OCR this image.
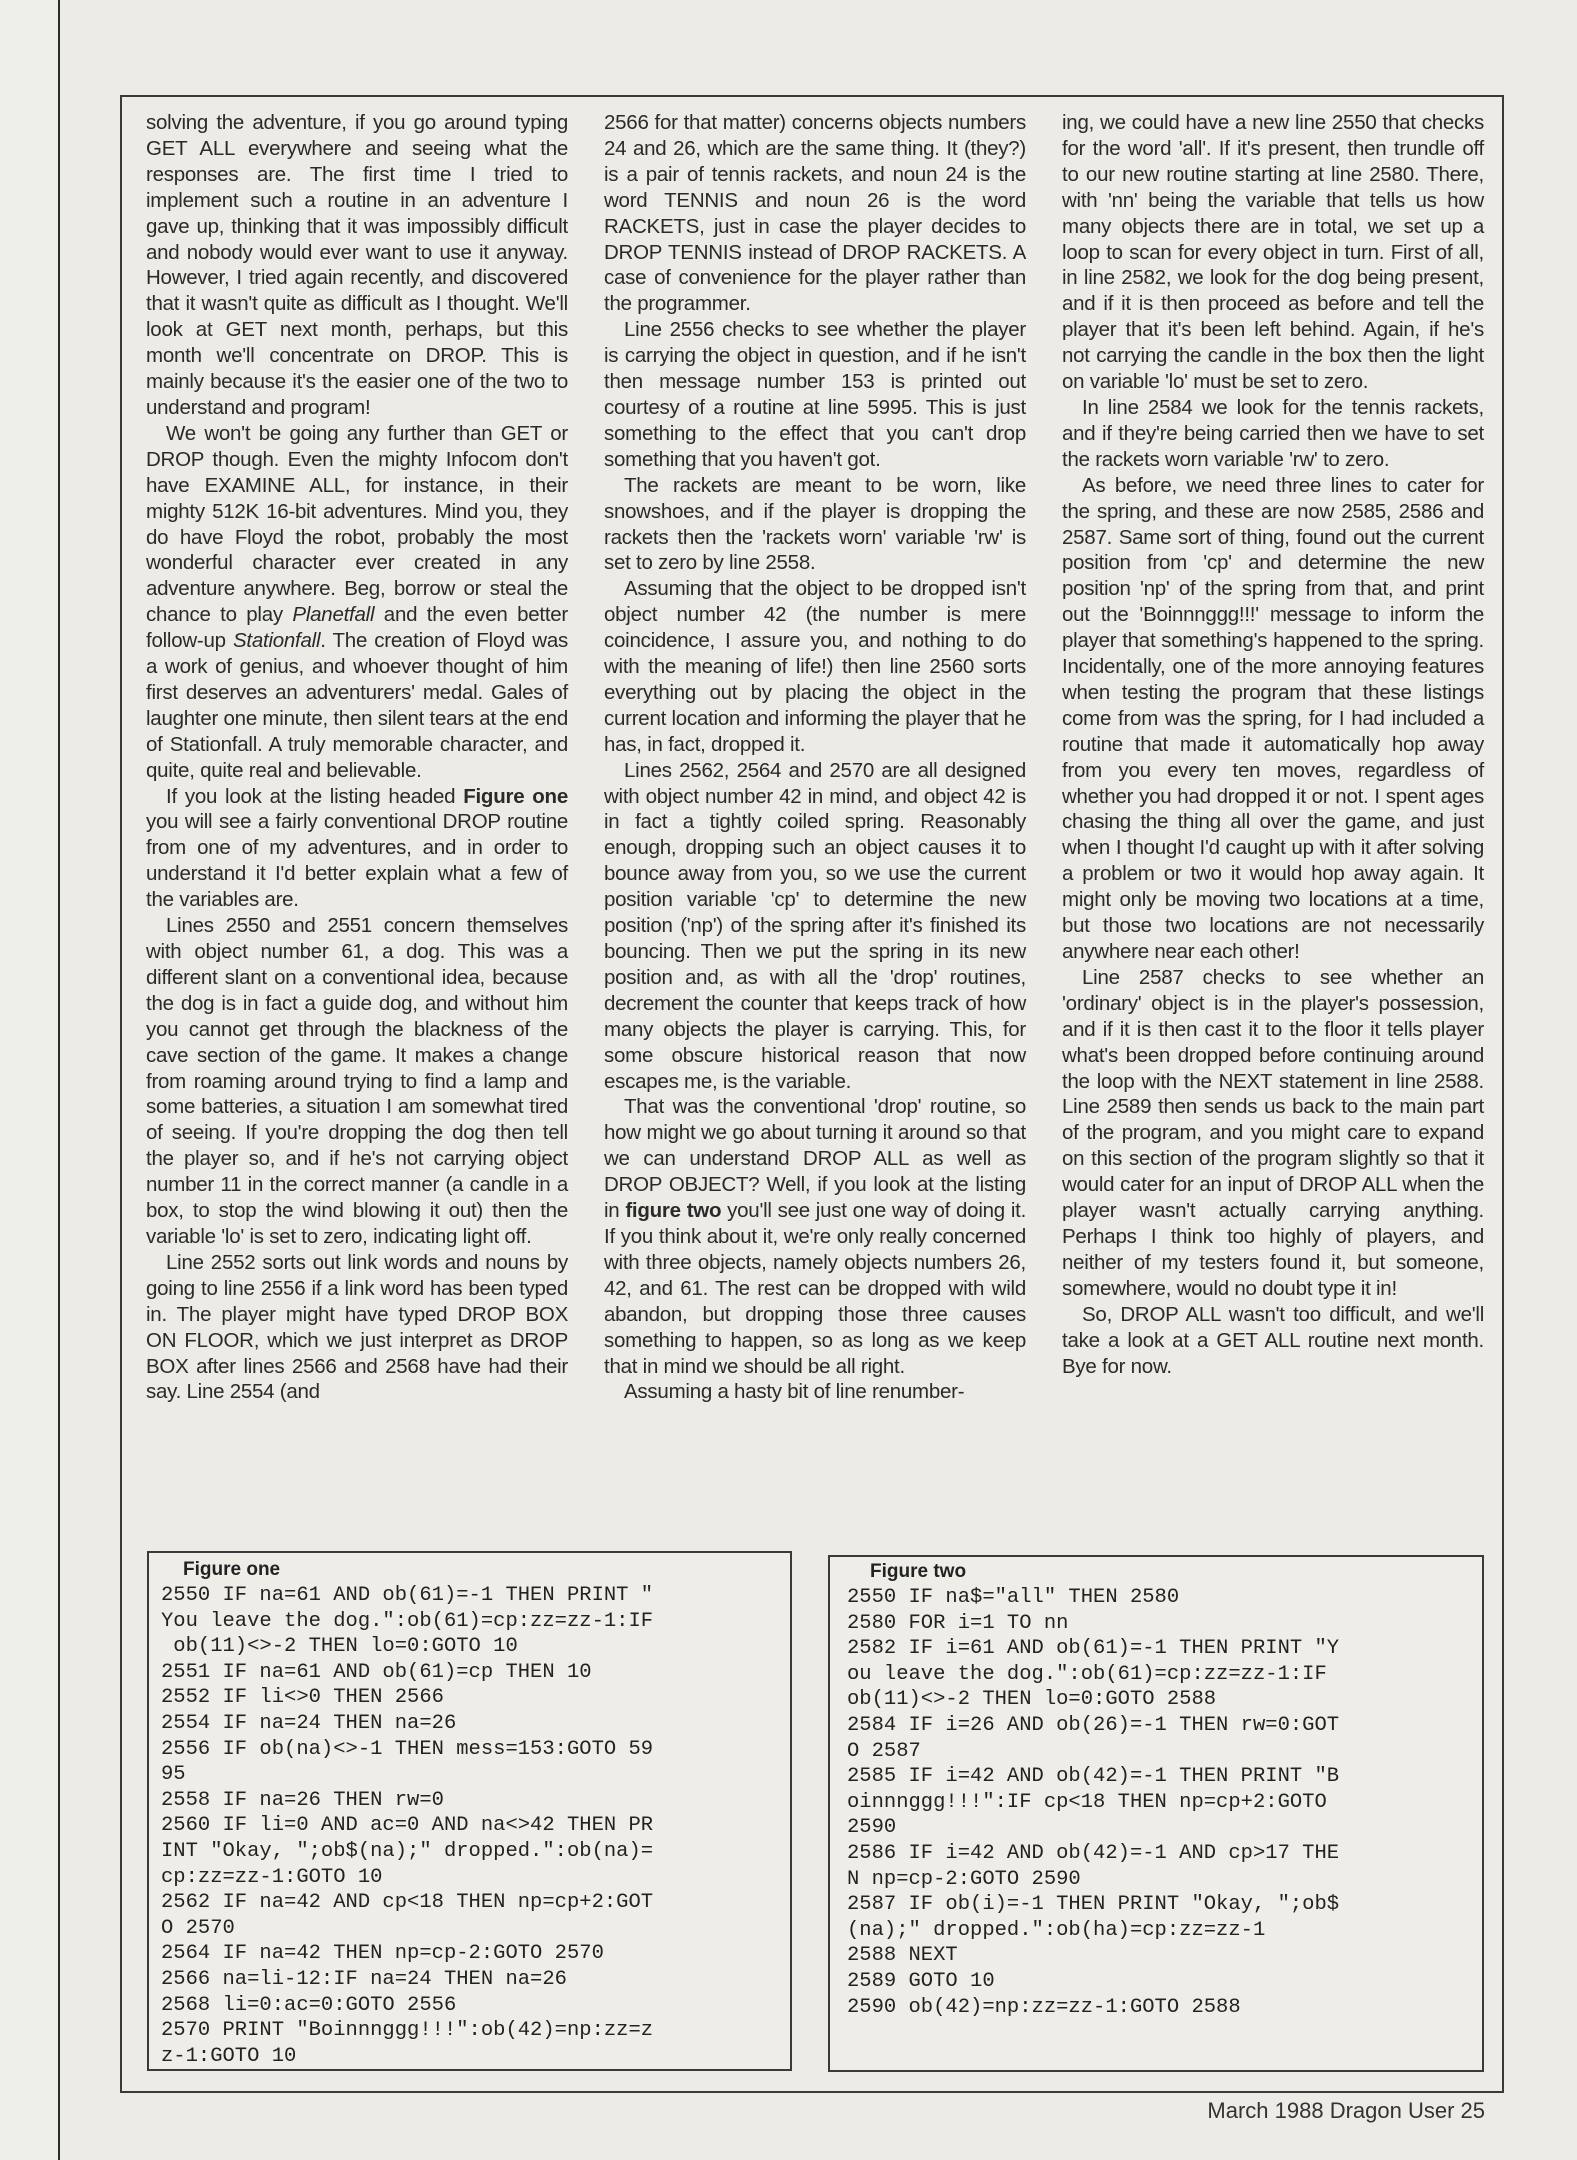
solving the adventure, if you go around typing GET ALL everywhere and seeing what the responses are. The first time I tried to implement such a routine in an adventure I gave up, thinking that it was impossibly difficult and nobody would ever want to use it anyway. However, I tried again recently, and discovered that it wasn't quite as difficult as I thought. We'll look at GET next month, perhaps, but this month we'll concentrate on DROP. This is mainly because it's the easier one of the two to understand and program!

We won't be going any further than GET or DROP though. Even the mighty Infocom don't have EXAMINE ALL, for instance, in their mighty 512K 16-bit adventures. Mind you, they do have Floyd the robot, probably the most wonderful character ever created in any adventure anywhere. Beg, borrow or steal the chance to play Planetfall and the even better follow-up Stationfall. The creation of Floyd was a work of genius, and whoever thought of him first deserves an adventurers' medal. Gales of laughter one minute, then silent tears at the end of Stationfall. A truly memorable character, and quite, quite real and believable.

If you look at the listing headed Figure one you will see a fairly conventional DROP routine from one of my adventures, and in order to understand it I'd better explain what a few of the variables are.

Lines 2550 and 2551 concern themselves with object number 61, a dog. This was a different slant on a conventional idea, because the dog is in fact a guide dog, and without him you cannot get through the blackness of the cave section of the game. It makes a change from roaming around trying to find a lamp and some batteries, a situation I am somewhat tired of seeing. If you're dropping the dog then tell the player so, and if he's not carrying object number 11 in the correct manner (a candle in a box, to stop the wind blowing it out) then the variable 'lo' is set to zero, indicating light off.

Line 2552 sorts out link words and nouns by going to line 2556 if a link word has been typed in. The player might have typed DROP BOX ON FLOOR, which we just interpret as DROP BOX after lines 2566 and 2568 have had their say. Line 2554 (and

2566 for that matter) concerns objects numbers 24 and 26, which are the same thing. It (they?) is a pair of tennis rackets, and noun 24 is the word TENNIS and noun 26 is the word RACKETS, just in case the player decides to DROP TENNIS instead of DROP RACKETS. A case of convenience for the player rather than the programmer.

Line 2556 checks to see whether the player is carrying the object in question, and if he isn't then message number 153 is printed out courtesy of a routine at line 5995. This is just something to the effect that you can't drop something that you haven't got.

The rackets are meant to be worn, like snowshoes, and if the player is dropping the rackets then the 'rackets worn' variable 'rw' is set to zero by line 2558.

Assuming that the object to be dropped isn't object number 42 (the number is mere coincidence, I assure you, and nothing to do with the meaning of life!) then line 2560 sorts everything out by placing the object in the current location and informing the player that he has, in fact, dropped it.

Lines 2562, 2564 and 2570 are all designed with object number 42 in mind, and object 42 is in fact a tightly coiled spring. Reasonably enough, dropping such an object causes it to bounce away from you, so we use the current position variable 'cp' to determine the new position ('np') of the spring after it's finished its bouncing. Then we put the spring in its new position and, as with all the 'drop' routines, decrement the counter that keeps track of how many objects the player is carrying. This, for some obscure historical reason that now escapes me, is the variable.

That was the conventional 'drop' routine, so how might we go about turning it around so that we can understand DROP ALL as well as DROP OBJECT? Well, if you look at the listing in figure two you'll see just one way of doing it. If you think about it, we're only really concerned with three objects, namely objects numbers 26, 42, and 61. The rest can be dropped with wild abandon, but dropping those three causes something to happen, so as long as we keep that in mind we should be all right.

Assuming a hasty bit of line renumber-

ing, we could have a new line 2550 that checks for the word 'all'. If it's present, then trundle off to our new routine starting at line 2580. There, with 'nn' being the variable that tells us how many objects there are in total, we set up a loop to scan for every object in turn. First of all, in line 2582, we look for the dog being present, and if it is then proceed as before and tell the player that it's been left behind. Again, if he's not carrying the candle in the box then the light on variable 'lo' must be set to zero.

In line 2584 we look for the tennis rackets, and if they're being carried then we have to set the rackets worn variable 'rw' to zero.

As before, we need three lines to cater for the spring, and these are now 2585, 2586 and 2587. Same sort of thing, found out the current position from 'cp' and determine the new position 'np' of the spring from that, and print out the 'Boinnnggg!!!' message to inform the player that something's happened to the spring. Incidentally, one of the more annoying features when testing the program that these listings come from was the spring, for I had included a routine that made it automatically hop away from you every ten moves, regardless of whether you had dropped it or not. I spent ages chasing the thing all over the game, and just when I thought I'd caught up with it after solving a problem or two it would hop away again. It might only be moving two locations at a time, but those two locations are not necessarily anywhere near each other!

Line 2587 checks to see whether an 'ordinary' object is in the player's possession, and if it is then cast it to the floor it tells player what's been dropped before continuing around the loop with the NEXT statement in line 2588. Line 2589 then sends us back to the main part of the program, and you might care to expand on this section of the program slightly so that it would cater for an input of DROP ALL when the player wasn't actually carrying anything. Perhaps I think too highly of players, and neither of my testers found it, but someone, somewhere, would no doubt type it in!

So, DROP ALL wasn't too difficult, and we'll take a look at a GET ALL routine next month. Bye for now.

Figure one
2550 IF na=61 AND ob(61)=-1 THEN PRINT "
You leave the dog.":ob(61)=cp:zz=zz-1:IF
ob(11)<>-2 THEN lo=0:GOTO 10
2551 IF na=61 AND ob(61)=cp THEN 10
2552 IF li<>0 THEN 2566
2554 IF na=24 THEN na=26
2556 IF ob(na)<>-1 THEN mess=153:GOTO 59
95
2558 IF na=26 THEN rw=0
2560 IF li=0 AND ac=0 AND na<>42 THEN PR
INT "Okay, ";ob$(na);" dropped.":ob(na)=
cp:zz=zz-1:GOTO 10
2562 IF na=42 AND cp<18 THEN np=cp+2:GOT
O 2570
2564 IF na=42 THEN np=cp-2:GOTO 2570
2566 na=li-12:IF na=24 THEN na=26
2568 li=0:ac=0:GOTO 2556
2570 PRINT "Boinnnggg!!!":ob(42)=np:zz=z
z-1:GOTO 10
Figure two
2550 IF na$="all" THEN 2580
2580 FOR i=1 TO nn
2582 IF i=61 AND ob(61)=-1 THEN PRINT "Y
ou leave the dog.":ob(61)=cp:zz=zz-1:IF
ob(11)<>-2 THEN lo=0:GOTO 2588
2584 IF i=26 AND ob(26)=-1 THEN rw=0:GOT
O 2587
2585 IF i=42 AND ob(42)=-1 THEN PRINT "B
oinnnggg!!!":IF cp<18 THEN np=cp+2:GOTO
2590
2586 IF i=42 AND ob(42)=-1 AND cp>17 THE
N np=cp-2:GOTO 2590
2587 IF ob(i)=-1 THEN PRINT "Okay, ";ob$
(na);" dropped.":ob(ha)=cp:zz=zz-1
2588 NEXT
2589 GOTO 10
2590 ob(42)=np:zz=zz-1:GOTO 2588
March 1988 Dragon User 25
